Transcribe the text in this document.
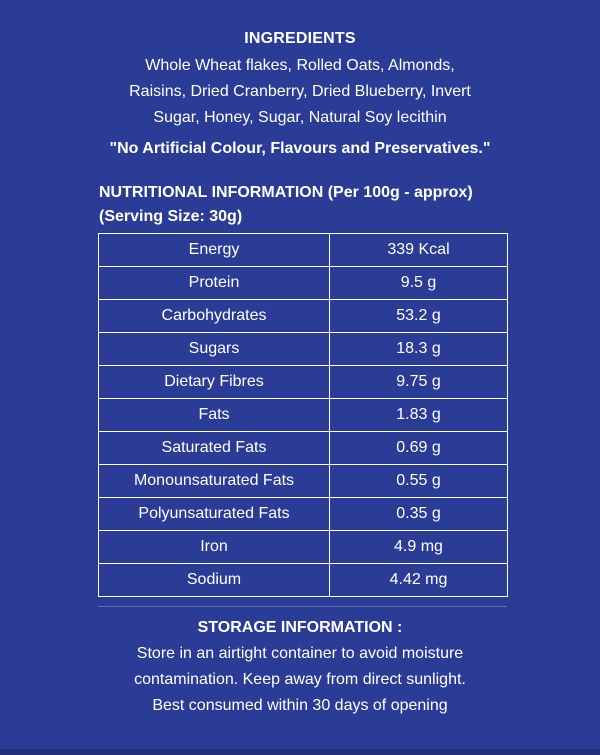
INGREDIENTS
Whole Wheat flakes, Rolled Oats, Almonds,
Raisins, Dried Cranberry, Dried Blueberry, Invert
Sugar, Honey, Sugar, Natural Soy lecithin
"No Artificial Colour, Flavours and Preservatives."
NUTRITIONAL INFORMATION (Per 100g - approx)
(Serving Size: 30g)
Energy	339 Kcal
Protein	9.5 g
Carbohydrates	53.2 g
Sugars	18.3 g
Dietary Fibres	9.75 g
Fats	1.83 g
Saturated Fats	0.69 g
Monounsaturated Fats	0.55 g
Polyunsaturated Fats	0.35 g
Iron	4.9 mg
Sodium	4.42 mg
STORAGE INFORMATION :
Store in an airtight container to avoid moisture
contamination. Keep away from direct sunlight.
Best consumed within 30 days of opening
